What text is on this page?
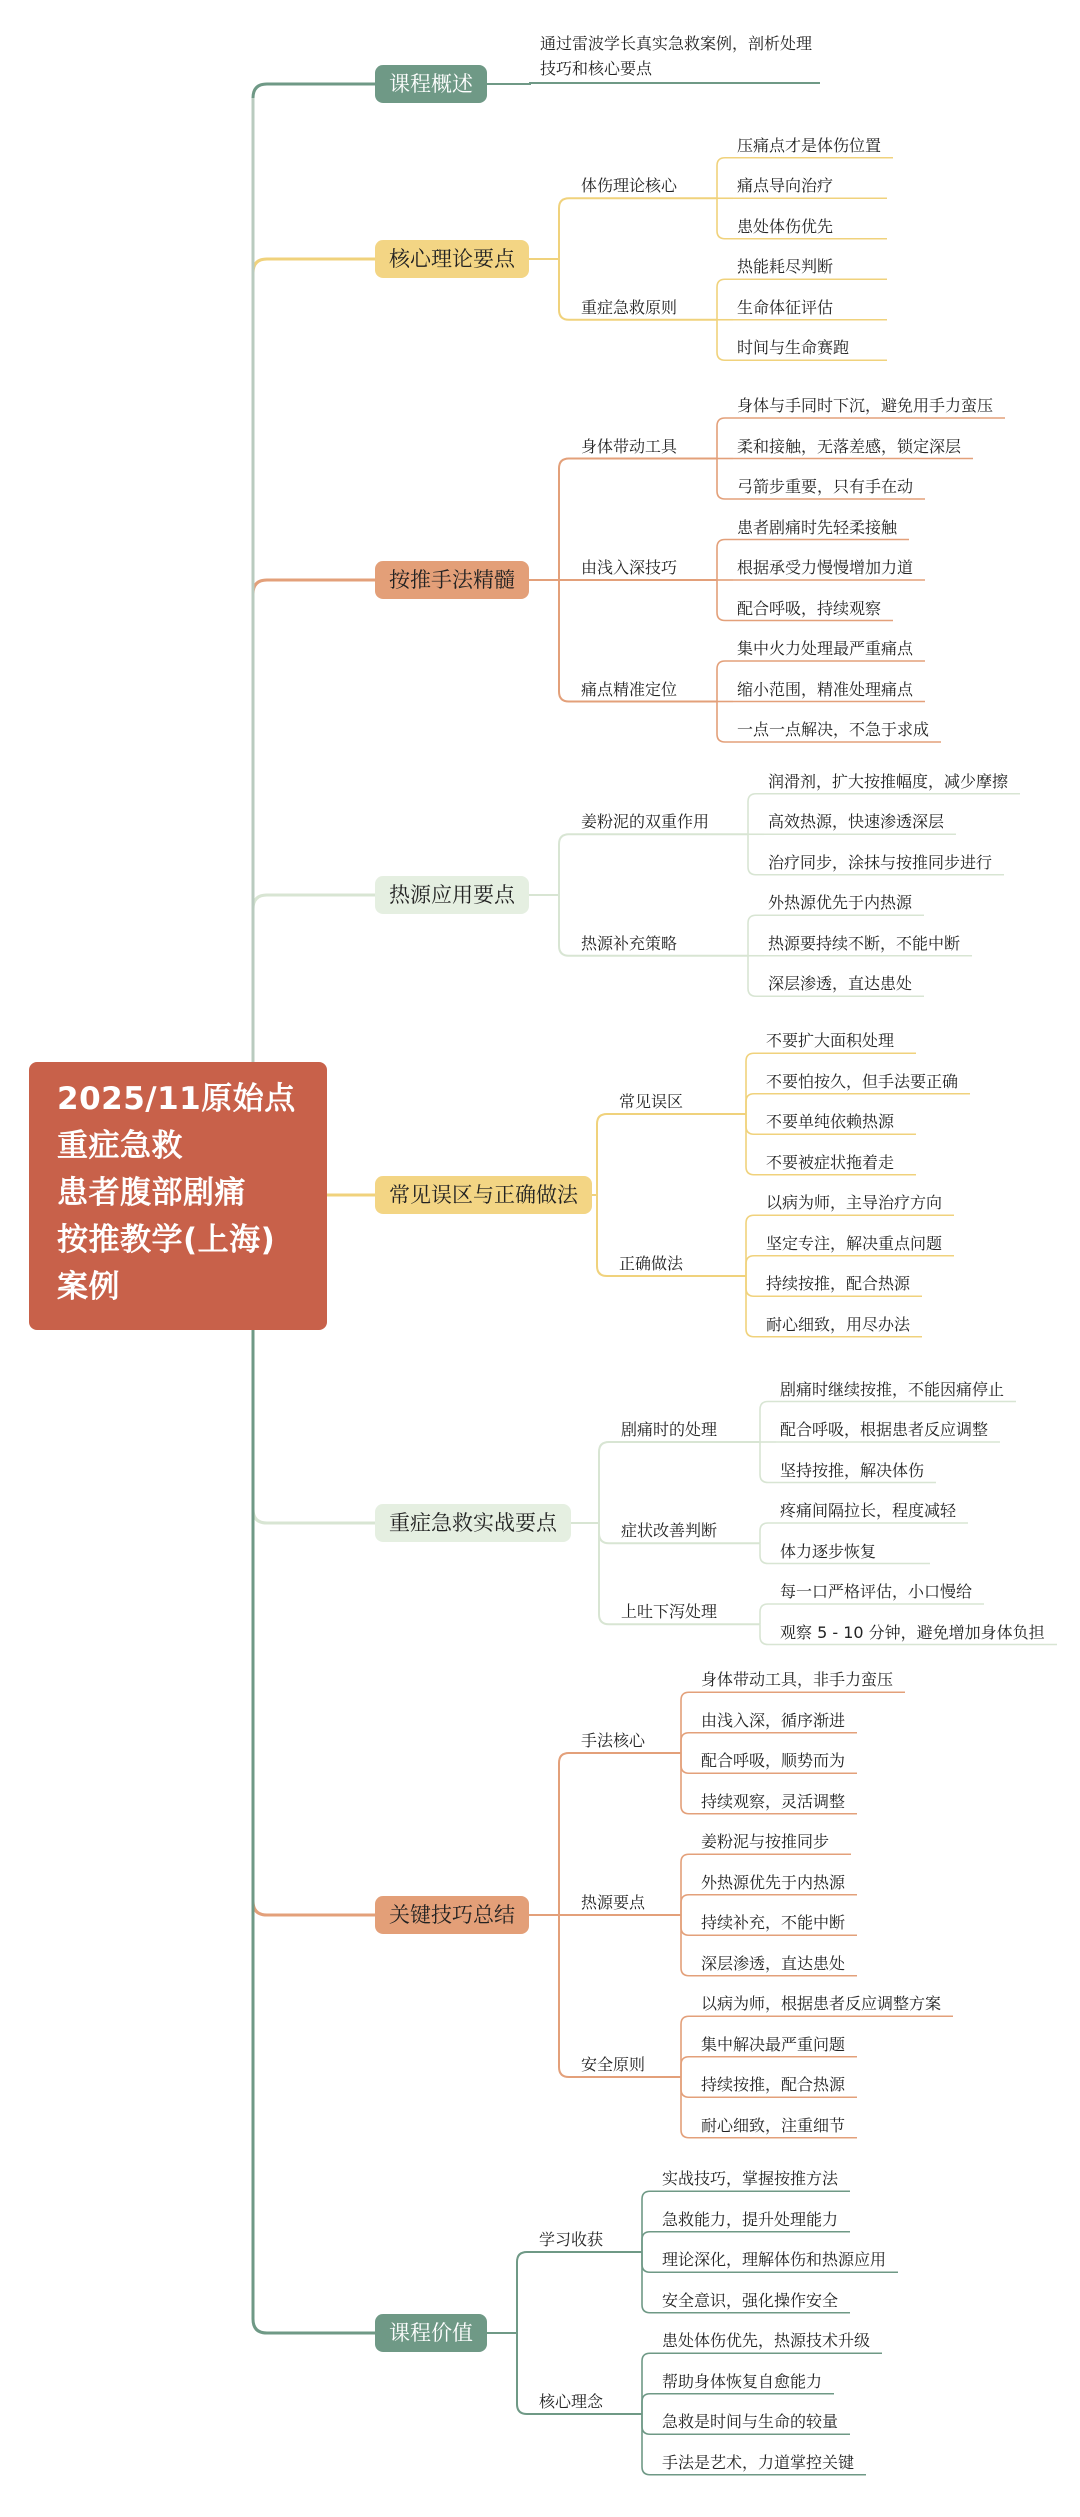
2025/11原始点
重症急救
患者腹部剧痛
按推教学(上海)
案例
课程概述
通过雷波学长真实急救案例，剖析处理
技巧和核心要点
核心理论要点
体伤理论核心
压痛点才是体伤位置
痛点导向治疗
患处体伤优先
重症急救原则
热能耗尽判断
生命体征评估
时间与生命赛跑
按推手法精髓
身体带动工具
身体与手同时下沉，避免用手力蛮压
柔和接触，无落差感，锁定深层
弓箭步重要，只有手在动
由浅入深技巧
患者剧痛时先轻柔接触
根据承受力慢慢增加力道
配合呼吸，持续观察
痛点精准定位
集中火力处理最严重痛点
缩小范围，精准处理痛点
一点一点解决，不急于求成
热源应用要点
姜粉泥的双重作用
润滑剂，扩大按推幅度，减少摩擦
高效热源，快速渗透深层
治疗同步，涂抹与按推同步进行
热源补充策略
外热源优先于内热源
热源要持续不断，不能中断
深层渗透，直达患处
常见误区与正确做法
常见误区
不要扩大面积处理
不要怕按久，但手法要正确
不要单纯依赖热源
不要被症状拖着走
正确做法
以病为师，主导治疗方向
坚定专注，解决重点问题
持续按推，配合热源
耐心细致，用尽办法
重症急救实战要点
剧痛时的处理
剧痛时继续按推，不能因痛停止
配合呼吸，根据患者反应调整
坚持按推，解决体伤
症状改善判断
疼痛间隔拉长，程度减轻
体力逐步恢复
上吐下泻处理
每一口严格评估，小口慢给
观察 5 - 10 分钟，避免增加身体负担
关键技巧总结
手法核心
身体带动工具，非手力蛮压
由浅入深，循序渐进
配合呼吸，顺势而为
持续观察，灵活调整
热源要点
姜粉泥与按推同步
外热源优先于内热源
持续补充，不能中断
深层渗透，直达患处
安全原则
以病为师，根据患者反应调整方案
集中解决最严重问题
持续按推，配合热源
耐心细致，注重细节
课程价值
学习收获
实战技巧，掌握按推方法
急救能力，提升处理能力
理论深化，理解体伤和热源应用
安全意识，强化操作安全
核心理念
患处体伤优先，热源技术升级
帮助身体恢复自愈能力
急救是时间与生命的较量
手法是艺术，力道掌控关键
